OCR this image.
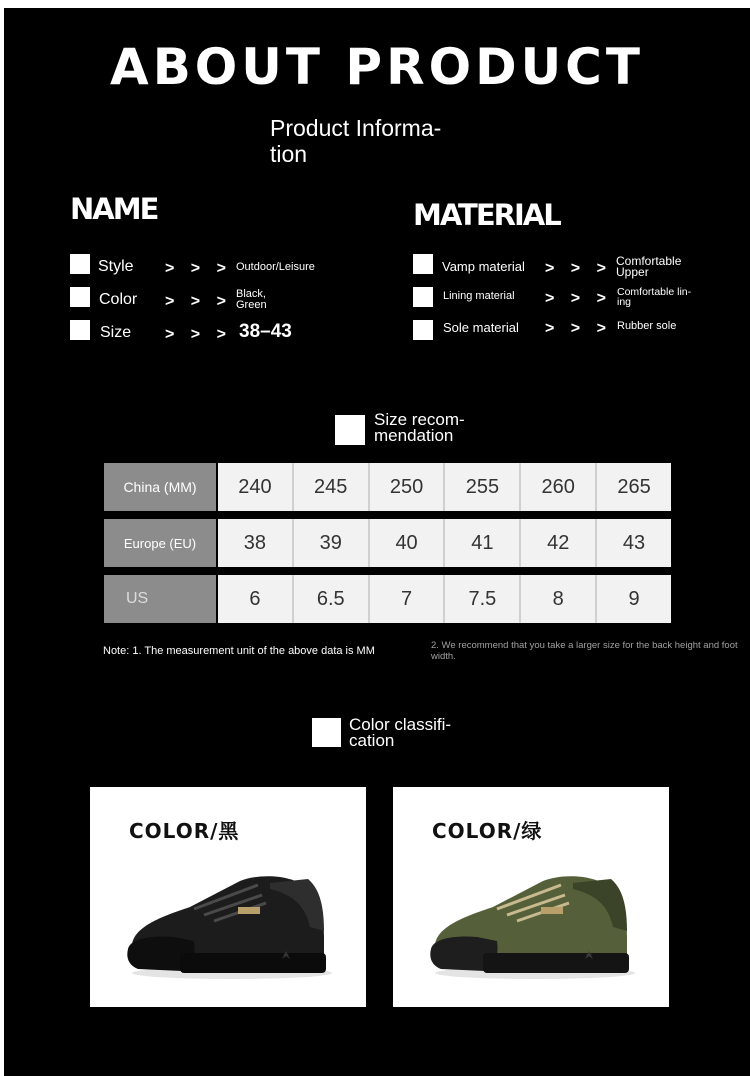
ABOUT PRODUCT
Product Informa-
tion
NAME
Style > > > Outdoor/Leisure
Color > > > Black,
Green
Size > > > 38–43
MATERIAL
Vamp material > > > Comfortable
Upper
Lining material > > > Comfortable lin-
ing
Sole material > > > Rubber sole
Size recom-
mendation
China (MM)	240	245	250	255	260	265
Europe (EU)	38	39	40	41	42	43
US	6	6.5	7	7.5	8	9
Note: 1. The measurement unit of the above data is MM	2. We recommend that you take a larger size for the back height and foot width.
Color classifi-
cation
COLOR/黑	COLOR/绿
